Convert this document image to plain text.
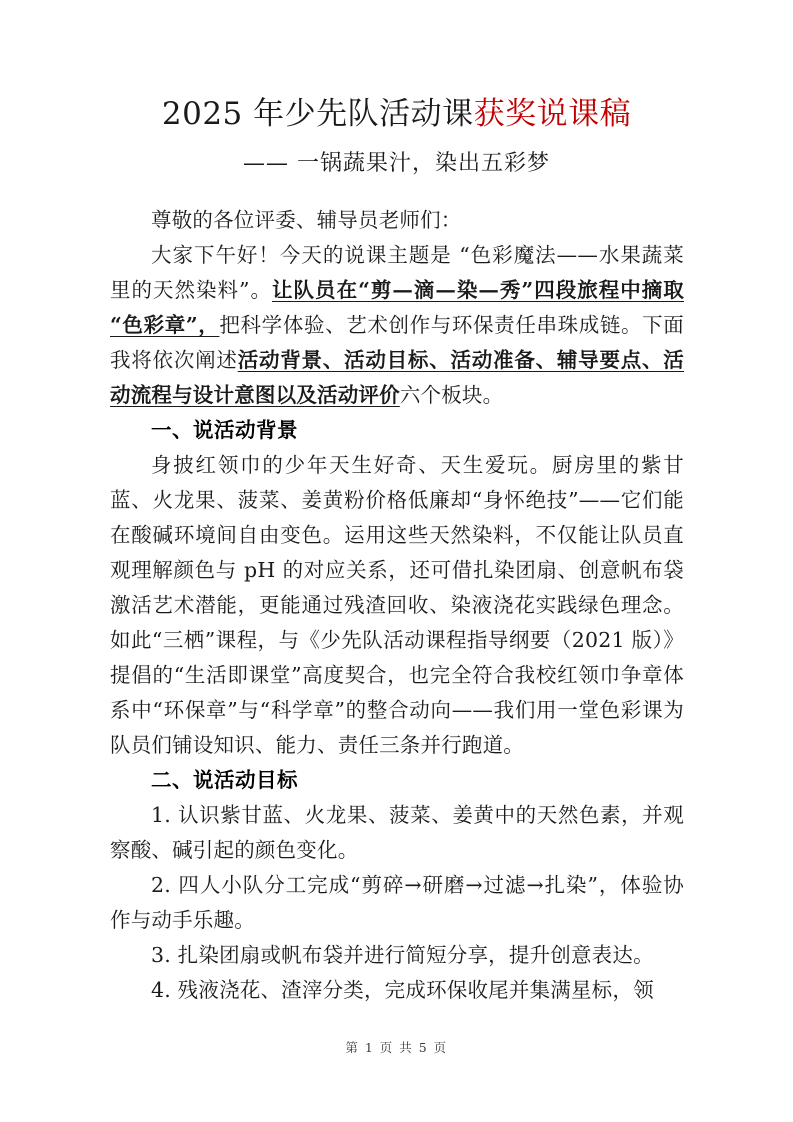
2025 年少先队活动课获奖说课稿
—— 一锅蔬果汁，染出五彩梦

尊敬的各位评委、辅导员老师们：

大家下午好！今天的说课主题是 “色彩魔法——水果蔬菜里的天然染料”。让队员在“剪—滴—染—秀”四段旅程中摘取 “色彩章”，把科学体验、艺术创作与环保责任串珠成链。下面我将依次阐述活动背景、活动目标、活动准备、辅导要点、活动流程与设计意图以及活动评价六个板块。

一、说活动背景

身披红领巾的少年天生好奇、天生爱玩。厨房里的紫甘蓝、火龙果、菠菜、姜黄粉价格低廉却“身怀绝技”——它们能在酸碱环境间自由变色。运用这些天然染料，不仅能让队员直观理解颜色与 pH 的对应关系，还可借扎染团扇、创意帆布袋激活艺术潜能，更能通过残渣回收、染液浇花实践绿色理念。如此“三栖”课程，与《少先队活动课程指导纲要（2021 版）》提倡的“生活即课堂”高度契合，也完全符合我校红领巾争章体系中“环保章”与“科学章”的整合动向——我们用一堂色彩课为队员们铺设知识、能力、责任三条并行跑道。

二、说活动目标

1. 认识紫甘蓝、火龙果、菠菜、姜黄中的天然色素，并观察酸、碱引起的颜色变化。

2. 四人小队分工完成“剪碎→研磨→过滤→扎染”，体验协作与动手乐趣。

3. 扎染团扇或帆布袋并进行简短分享，提升创意表达。

4. 残液浇花、渣滓分类，完成环保收尾并集满星标，领

第 1 页 共 5 页
